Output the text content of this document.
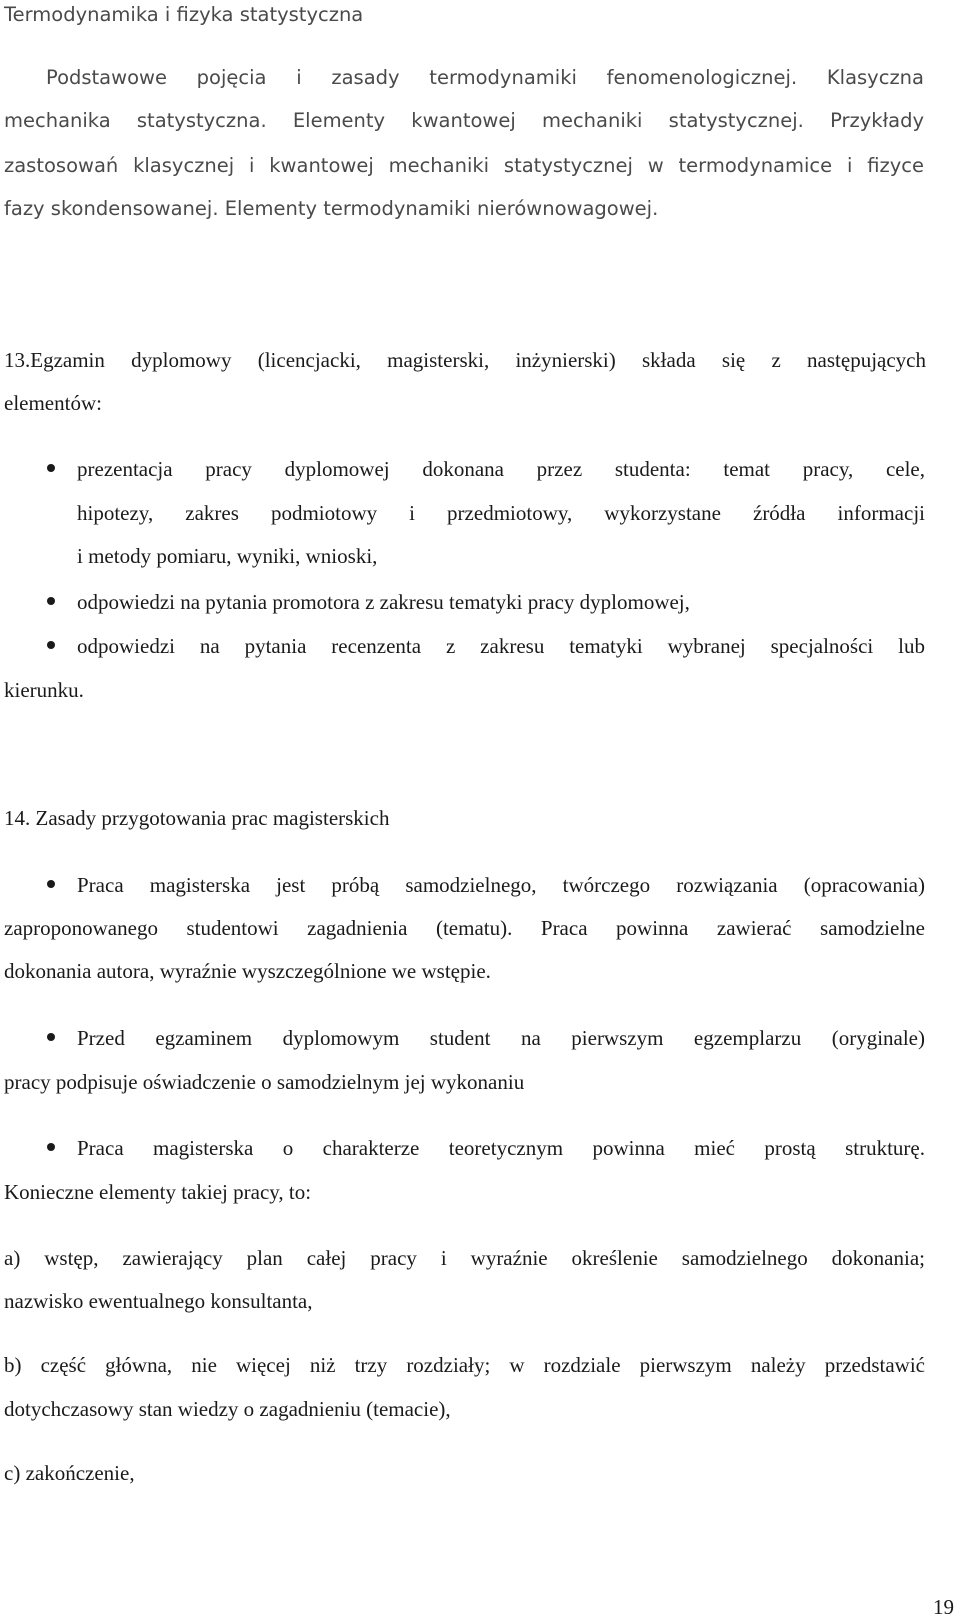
Termodynamika i fizyka statystyczna
Podstawowe pojęcia i zasady termodynamiki fenomenologicznej. Klasyczna
mechanika statystyczna. Elementy kwantowej mechaniki statystycznej. Przykłady
zastosowań klasycznej i kwantowej mechaniki statystycznej w termodynamice i fizyce
fazy skondensowanej. Elementy termodynamiki nierównowagowej.
13.Egzamin dyplomowy (licencjacki, magisterski, inżynierski) składa się z następujących
elementów:
prezentacja pracy dyplomowej dokonana przez studenta: temat pracy, cele,
hipotezy, zakres podmiotowy i przedmiotowy, wykorzystane źródła informacji
i metody pomiaru, wyniki, wnioski,
odpowiedzi na pytania promotora z zakresu tematyki pracy dyplomowej,
odpowiedzi na pytania recenzenta z zakresu tematyki wybranej specjalności lub
kierunku.
14. Zasady przygotowania prac magisterskich
Praca magisterska jest próbą samodzielnego, twórczego rozwiązania (opracowania)
zaproponowanego studentowi zagadnienia (tematu). Praca powinna zawierać samodzielne
dokonania autora, wyraźnie wyszczególnione we wstępie.
Przed egzaminem dyplomowym student na pierwszym egzemplarzu (oryginale)
pracy podpisuje oświadczenie o samodzielnym jej wykonaniu
Praca magisterska o charakterze teoretycznym powinna mieć prostą strukturę.
Konieczne elementy takiej pracy, to:
a) wstęp, zawierający plan całej pracy i wyraźnie określenie samodzielnego dokonania;
nazwisko ewentualnego konsultanta,
b) część główna, nie więcej niż trzy rozdziały; w rozdziale pierwszym należy przedstawić
dotychczasowy stan wiedzy o zagadnieniu (temacie),
c) zakończenie,
19
